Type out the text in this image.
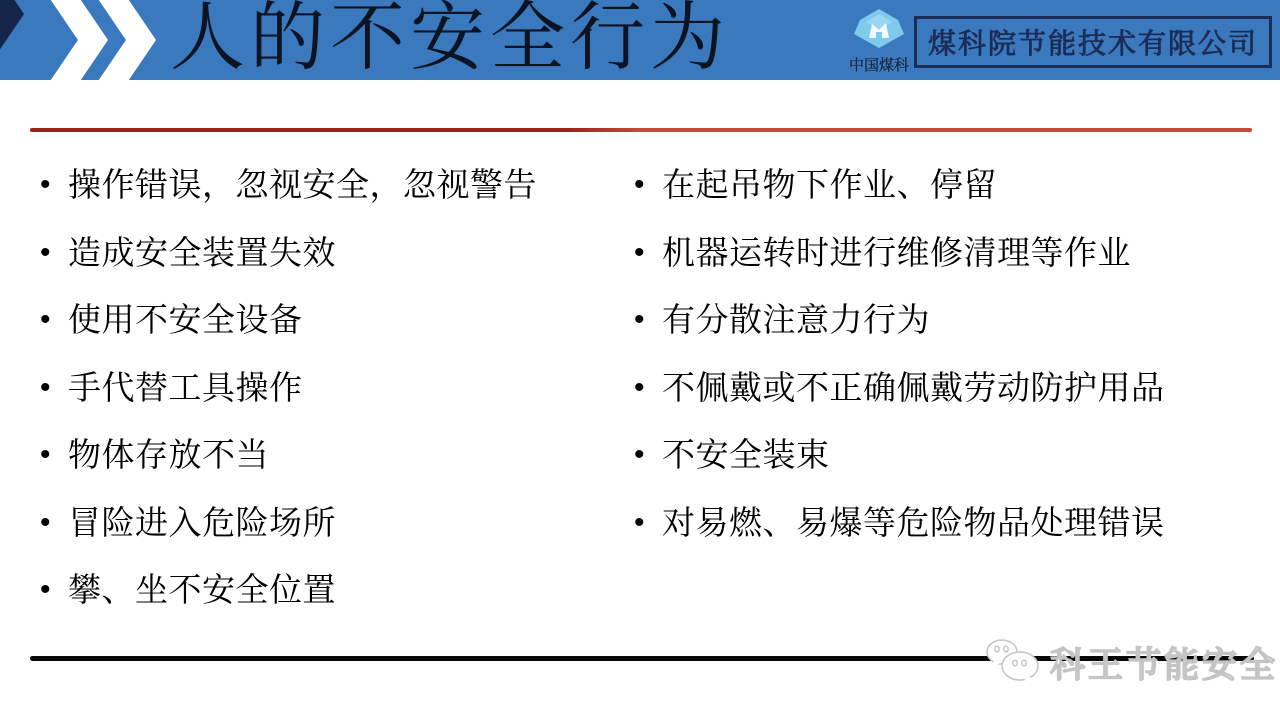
人的不安全行为	中国煤科
煤科院节能技术有限公司
• 操作错误，忽视安全，忽视警告
• 造成安全装置失效
• 使用不安全设备
• 手代替工具操作
• 物体存放不当
• 冒险进入危险场所
• 攀、坐不安全位置
• 在起吊物下作业、停留
• 机器运转时进行维修清理等作业
• 有分散注意力行为
• 不佩戴或不正确佩戴劳动防护用品
• 不安全装束
• 对易燃、易爆等危险物品处理错误
科王节能安全
